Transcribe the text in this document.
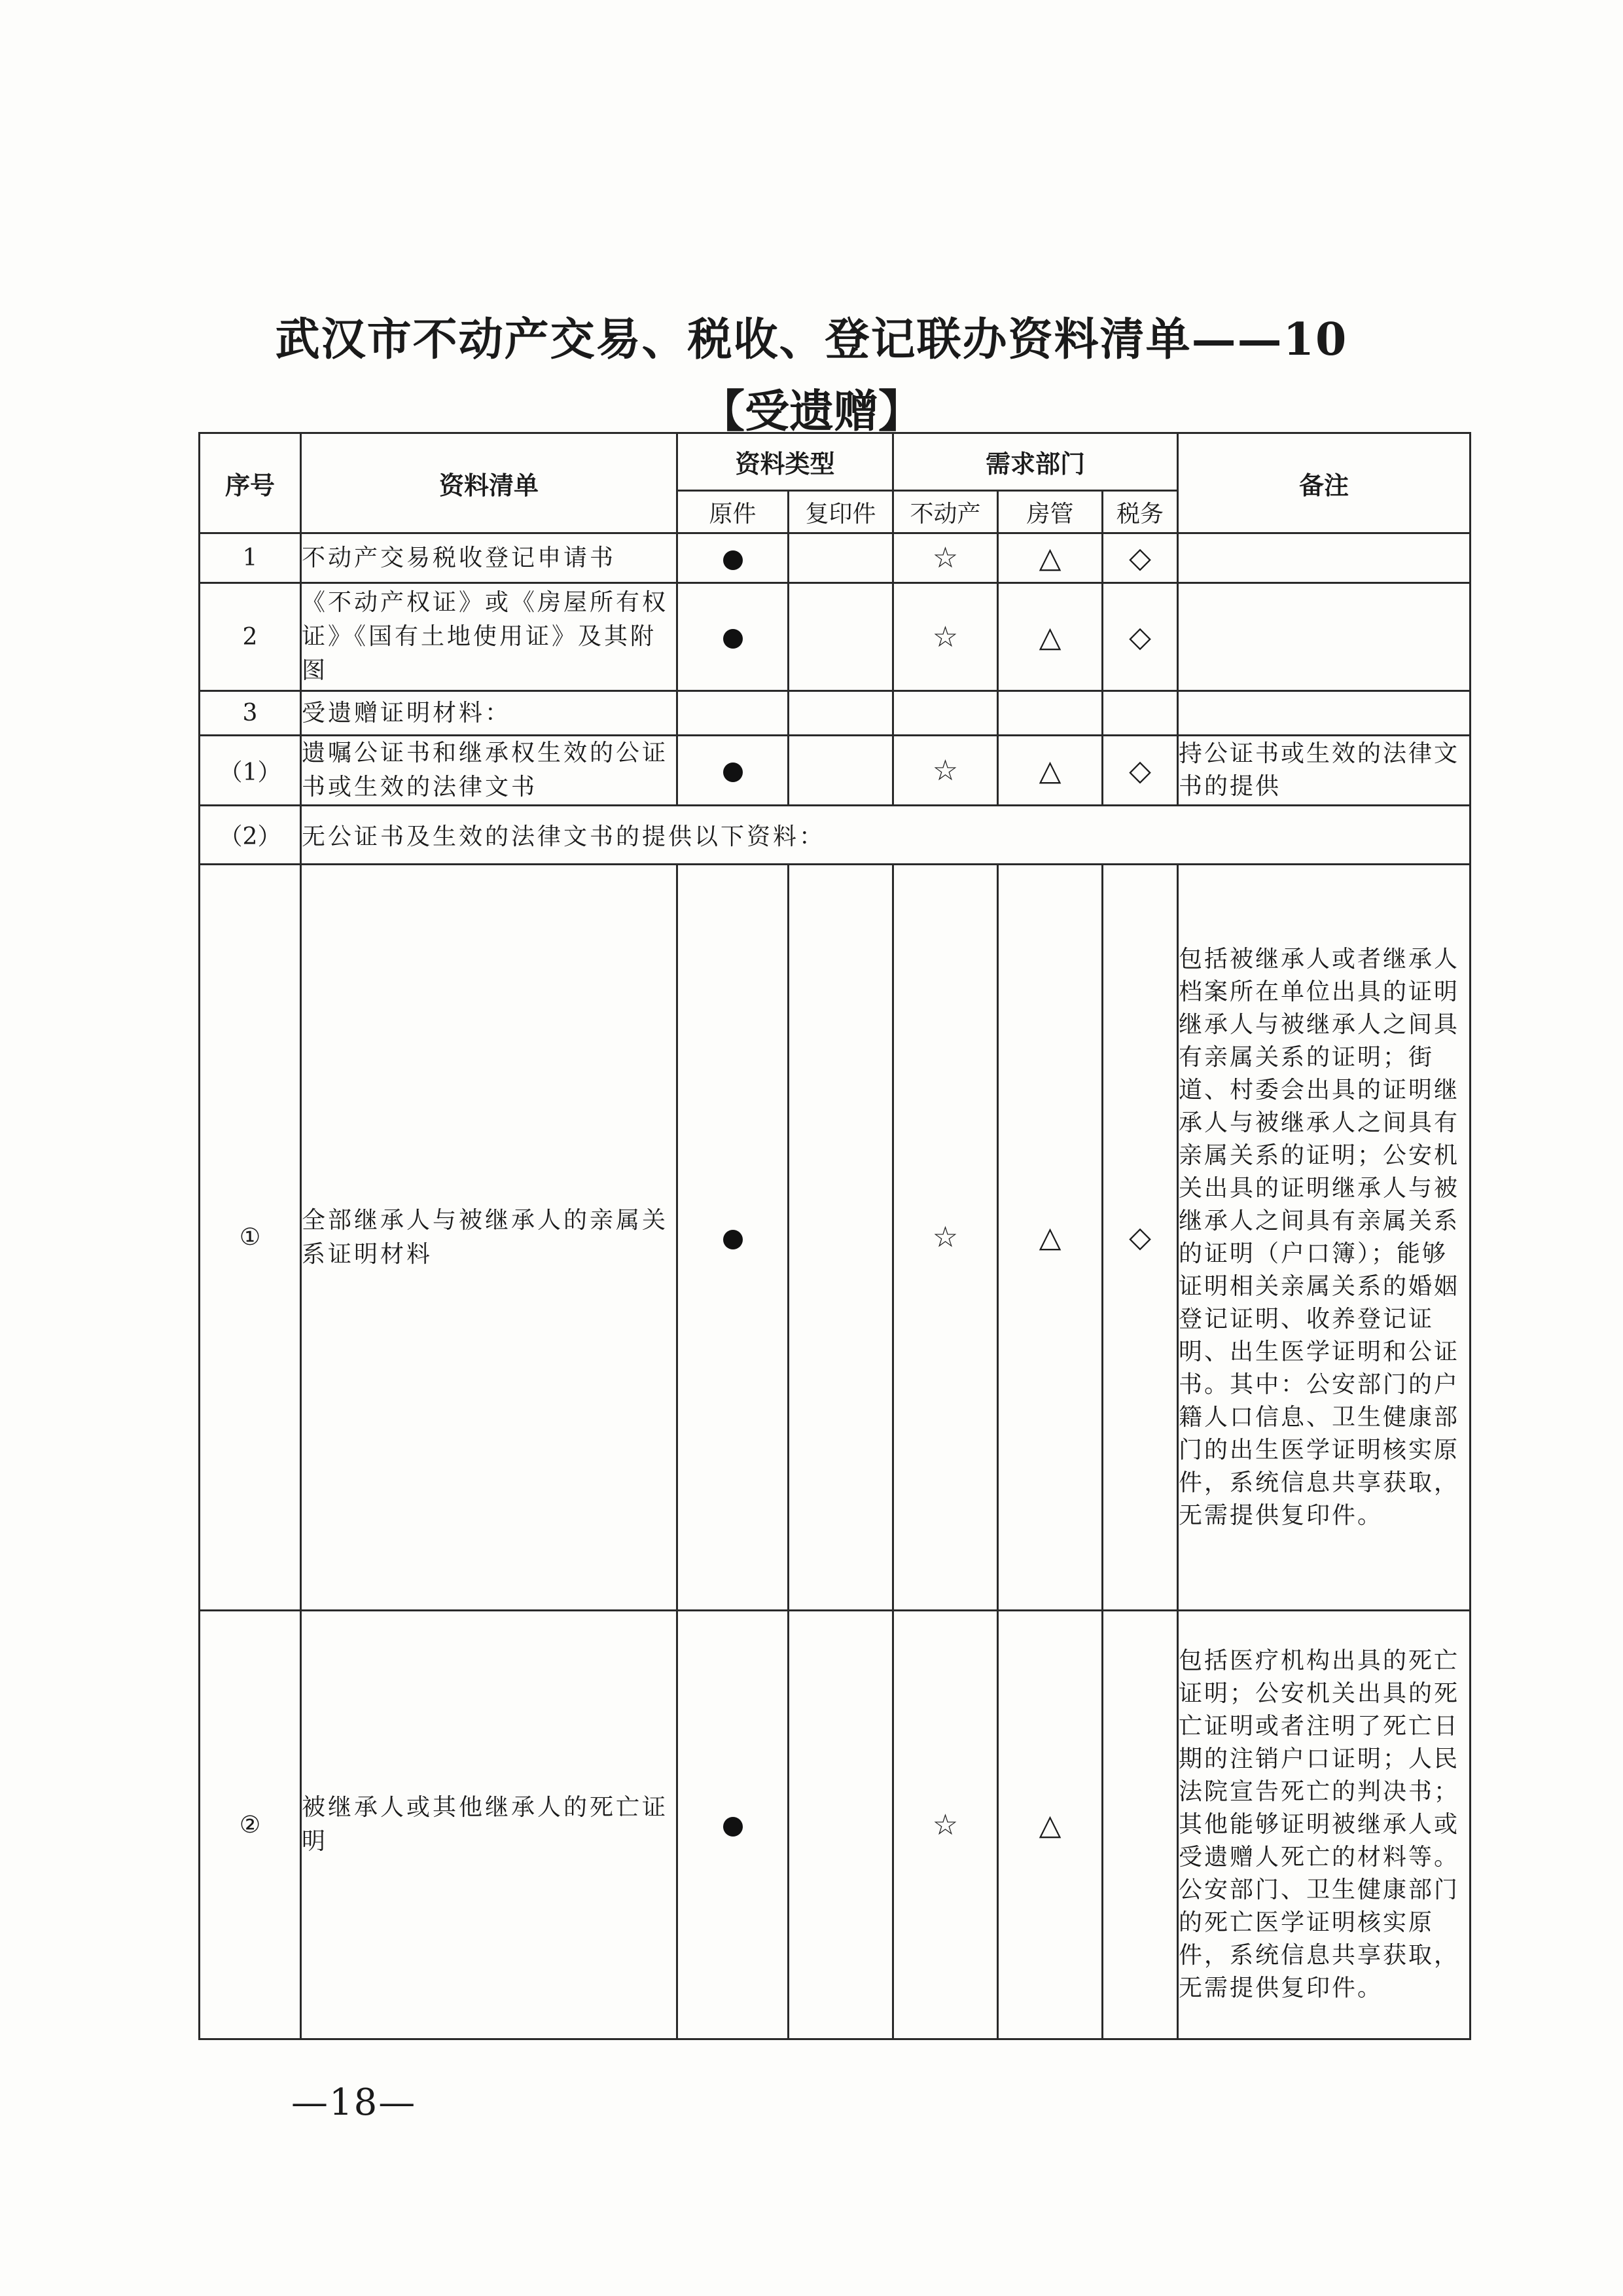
武汉市不动产交易、税收、登记联办资料清单——10
【受遗赠】
序号	资料清单	资料类型		需求部门			备注
		原件	复印件	不动产	房管	税务	
1	不动产交易税收登记申请书			☆	△	◇	
2	《不动产权证》或《房屋所有权证》《国有土地使用证》及其附图			☆	△	◇	
3	受遗赠证明材料：						
（1）	遗嘱公证书和继承权生效的公证书或生效的法律文书			☆	△	◇	持公证书或生效的法律文书的提供
（2）	无公证书及生效的法律文书的提供以下资料：						
①	全部继承人与被继承人的亲属关系证明材料			☆	△	◇	包括被继承人或者继承人档案所在单位出具的证明继承人与被继承人之间具有亲属关系的证明；街道、村委会出具的证明继承人与被继承人之间具有亲属关系的证明；公安机关出具的证明继承人与被继承人之间具有亲属关系的证明（户口簿）；能够证明相关亲属关系的婚姻登记证明、收养登记证明、出生医学证明和公证书。其中：公安部门的户籍人口信息、卫生健康部门的出生医学证明核实原件，系统信息共享获取，无需提供复印件。
②	被继承人或其他继承人的死亡证明			☆	△		包括医疗机构出具的死亡证明；公安机关出具的死亡证明或者注明了死亡日期的注销户口证明；人民法院宣告死亡的判决书；其他能够证明被继承人或受遗赠人死亡的材料等。公安部门、卫生健康部门的死亡医学证明核实原件，系统信息共享获取，无需提供复印件。
—18—
